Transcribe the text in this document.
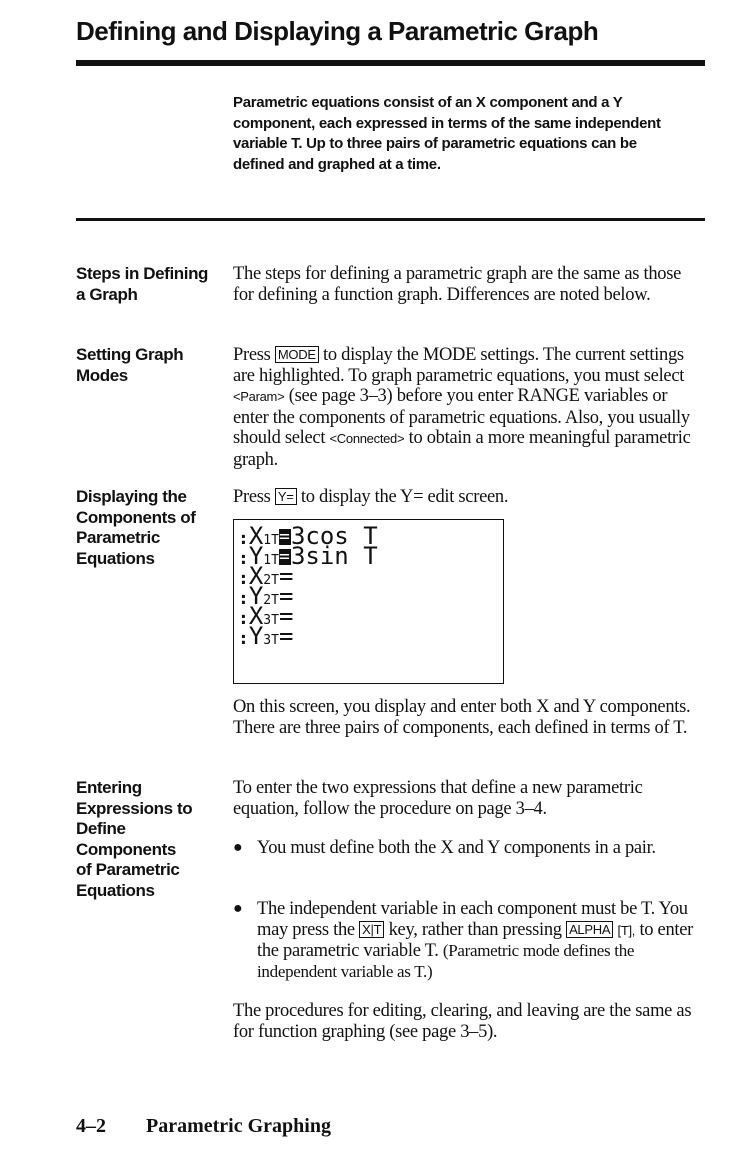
Defining and Displaying a Parametric Graph

Parametric equations consist of an X component and a Y component, each expressed in terms of the same independent variable T. Up to three pairs of parametric equations can be defined and graphed at a time.

Steps in Defining
a Graph

The steps for defining a parametric graph are the same as those for defining a function graph. Differences are noted below.

Setting Graph
Modes

Press MODE to display the MODE settings. The current settings are highlighted. To graph parametric equations, you must select <Param> (see page 3–3) before you enter RANGE variables or enter the components of parametric equations. Also, you usually should select <Connected> to obtain a more meaningful parametric graph.

Displaying the
Components of
Parametric
Equations

Press Y= to display the Y= edit screen.

:X1T = 3cos T
:Y1T = 3sin T
:X2T=
:Y2T=
:X3T=
:Y3T=

On this screen, you display and enter both X and Y components. There are three pairs of components, each defined in terms of T.

Entering
Expressions to
Define
Components
of Parametric
Equations

To enter the two expressions that define a new parametric equation, follow the procedure on page 3–4.

● You must define both the X and Y components in a pair.
● The independent variable in each component must be T. You may press the X|T key, rather than pressing ALPHA [T], to enter the parametric variable T. (Parametric mode defines the independent variable as T.)

The procedures for editing, clearing, and leaving are the same as for function graphing (see page 3–5).

4–2 Parametric Graphing
